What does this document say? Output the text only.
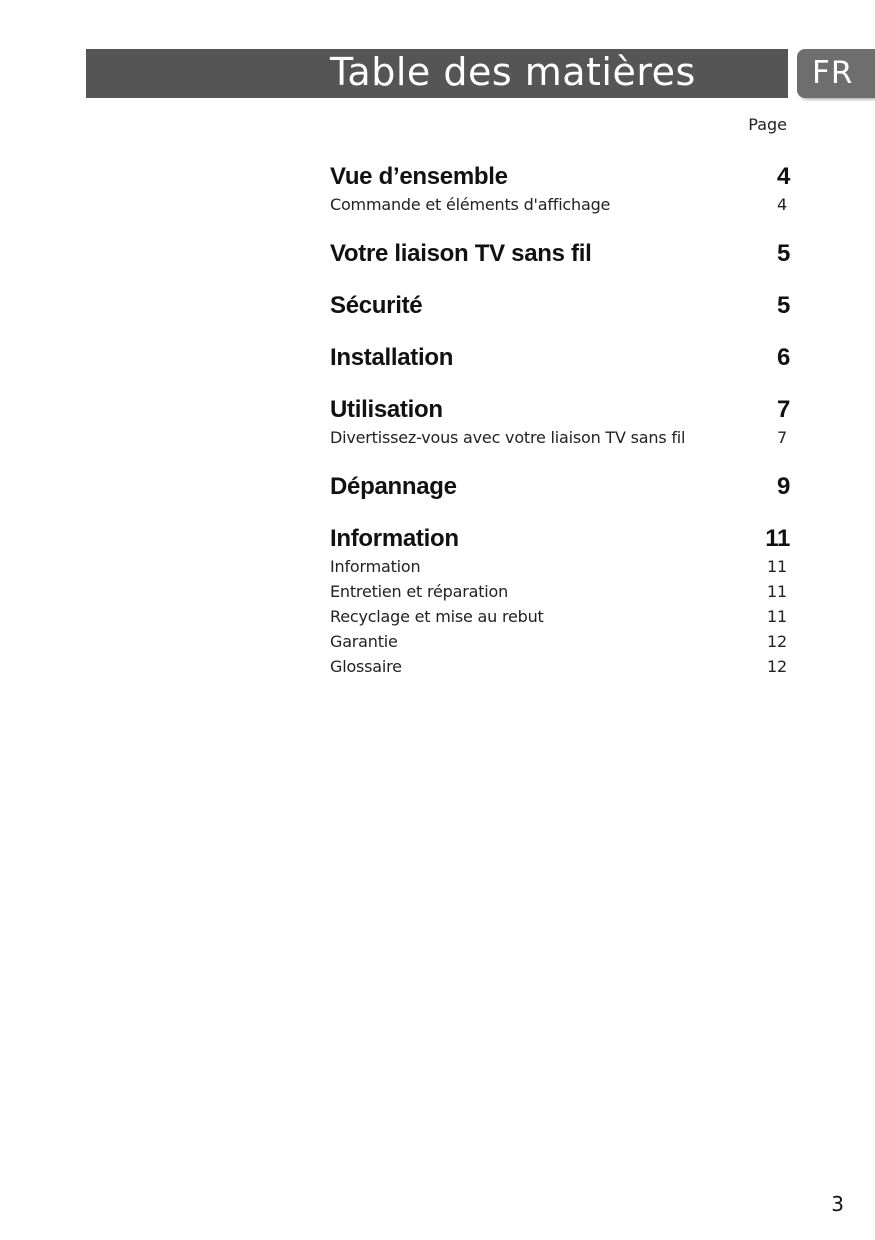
Table des matières	FR
Page
Vue d’ensemble	4
Commande et éléments d'affichage	4
Votre liaison TV sans fil	5
Sécurité	5
Installation	6
Utilisation	7
Divertissez-vous avec votre liaison TV sans fil	7
Dépannage	9
Information	11
Information	11
Entretien et réparation	11
Recyclage et mise au rebut	11
Garantie	12
Glossaire	12
3
